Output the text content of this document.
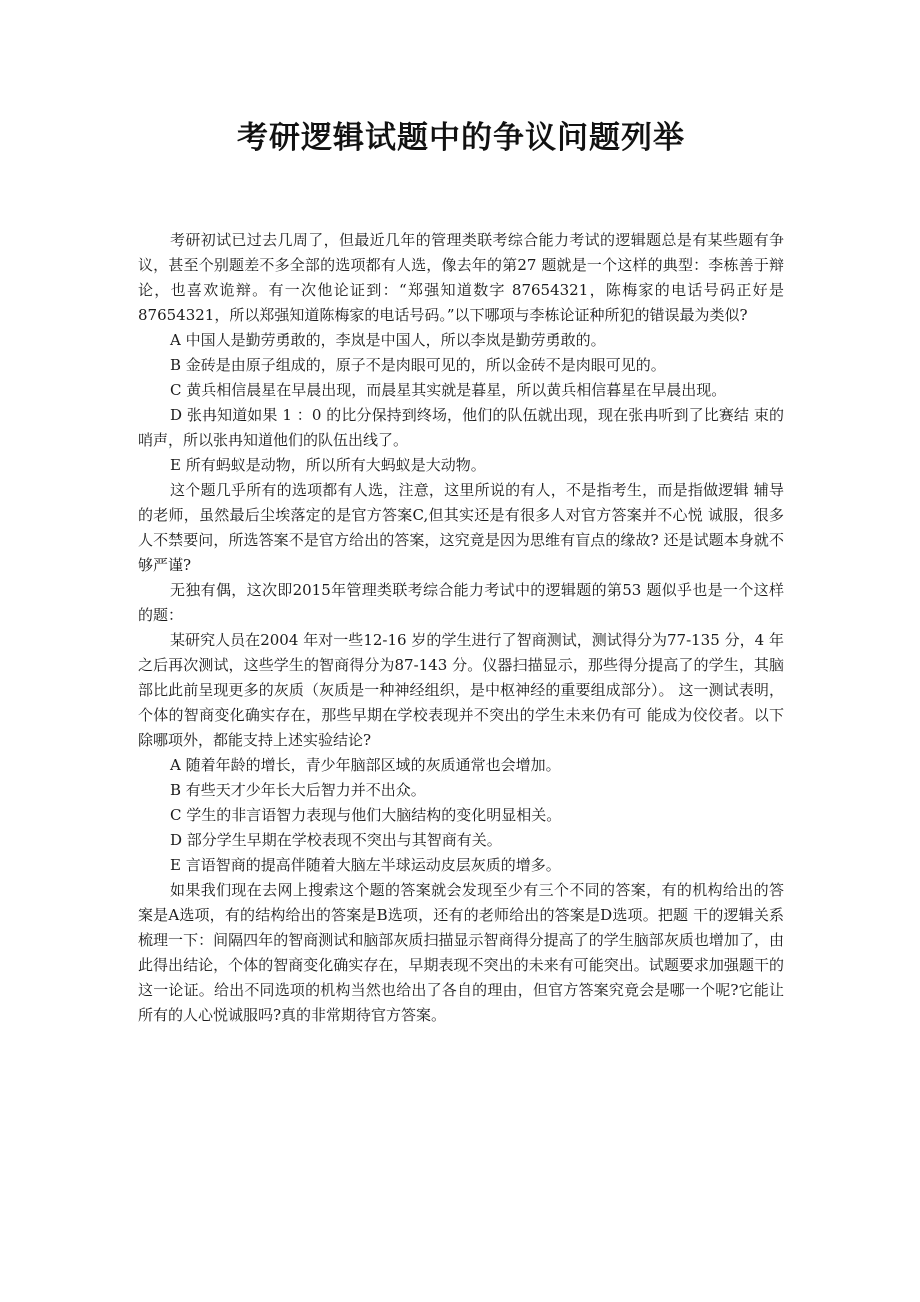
考研逻辑试题中的争议问题列举

考研初试已过去几周了，但最近几年的管理类联考综合能力考试的逻辑题总是有某些题有争议，甚至个别题差不多全部的选项都有人选，像去年的第27 题就是一个这样的典型：李栋善于辩论，也喜欢诡辩。有一次他论证到：“郑强知道数字 87654321，陈梅家的电话号码正好是 87654321，所以郑强知道陈梅家的电话号码。”以下哪项与李栋论证种所犯的错误最为类似?

A 中国人是勤劳勇敢的，李岚是中国人，所以李岚是勤劳勇敢的。

B 金砖是由原子组成的，原子不是肉眼可见的，所以金砖不是肉眼可见的。

C 黄兵相信晨星在早晨出现，而晨星其实就是暮星，所以黄兵相信暮星在早晨出现。

D 张冉知道如果 1 ：0 的比分保持到终场，他们的队伍就出现，现在张冉听到了比赛结 束的哨声，所以张冉知道他们的队伍出线了。

E 所有蚂蚁是动物，所以所有大蚂蚁是大动物。

这个题几乎所有的选项都有人选，注意，这里所说的有人，不是指考生，而是指做逻辑 辅导的老师，虽然最后尘埃落定的是官方答案C,但其实还是有很多人对官方答案并不心悦 诚服，很多人不禁要问，所选答案不是官方给出的答案，这究竟是因为思维有盲点的缘故? 还是试题本身就不够严谨?

无独有偶，这次即2015年管理类联考综合能力考试中的逻辑题的第53 题似乎也是一个这样的题：

某研究人员在2004 年对一些12-16 岁的学生进行了智商测试，测试得分为77-135 分，4 年之后再次测试，这些学生的智商得分为87-143 分。仪器扫描显示，那些得分提高了的学生，其脑部比此前呈现更多的灰质（灰质是一种神经组织，是中枢神经的重要组成部分）。 这一测试表明，个体的智商变化确实存在，那些早期在学校表现并不突出的学生未来仍有可 能成为佼佼者。以下除哪项外，都能支持上述实验结论?

A 随着年龄的增长，青少年脑部区域的灰质通常也会增加。

B 有些天才少年长大后智力并不出众。

C 学生的非言语智力表现与他们大脑结构的变化明显相关。

D 部分学生早期在学校表现不突出与其智商有关。

E 言语智商的提高伴随着大脑左半球运动皮层灰质的增多。

如果我们现在去网上搜索这个题的答案就会发现至少有三个不同的答案，有的机构给出的答案是A选项，有的结构给出的答案是B选项，还有的老师给出的答案是D选项。把题 干的逻辑关系梳理一下：间隔四年的智商测试和脑部灰质扫描显示智商得分提高了的学生脑部灰质也增加了，由此得出结论，个体的智商变化确实存在，早期表现不突出的未来有可能突出。试题要求加强题干的这一论证。给出不同选项的机构当然也给出了各自的理由，但官方答案究竟会是哪一个呢?它能让所有的人心悦诚服吗?真的非常期待官方答案。
